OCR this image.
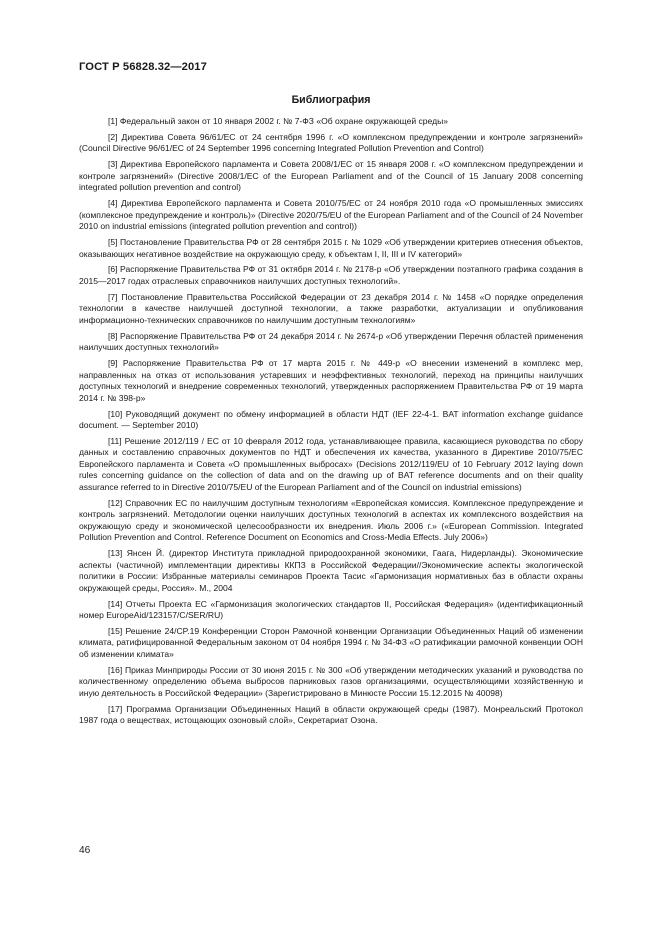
ГОСТ Р 56828.32—2017
Библиография
[1] Федеральный закон от 10 января 2002 г. № 7-ФЗ «Об охране окружающей среды»
[2] Директива Совета 96/61/ЕС от 24 сентября 1996 г. «О комплексном предупреждении и контроле загрязнений» (Council Directive 96/61/EC of 24 September 1996 concerning Integrated Pollution Prevention and Control)
[3] Директива Европейского парламента и Совета 2008/1/ЕС от 15 января 2008 г. «О комплексном предупреждении и контроле загрязнений» (Directive 2008/1/EC of the European Parliament and of the Council of 15 January 2008 concerning integrated pollution prevention and control)
[4] Директива Европейского парламента и Совета 2010/75/ЕС от 24 ноября 2010 года «О промышленных эмиссиях (комплексное предупреждение и контроль)» (Directive 2020/75/EU of the European Parliament and of the Council of 24 November 2010 on industrial emissions (integrated pollution prevention and control))
[5] Постановление Правительства РФ от 28 сентября 2015 г. № 1029 «Об утверждении критериев отнесения объектов, оказывающих негативное воздействие на окружающую среду, к объектам I, II, III и IV категорий»
[6] Распоряжение Правительства РФ от 31 октября 2014 г. № 2178-р «Об утверждении поэтапного графика создания в 2015—2017 годах отраслевых справочников наилучших доступных технологий».
[7] Постановление Правительства Российской Федерации от 23 декабря 2014 г. № 1458 «О порядке определения технологии в качестве наилучшей доступной технологии, а также разработки, актуализации и опубликования информационно-технических справочников по наилучшим доступным технологиям»
[8] Распоряжение Правительства РФ от 24 декабря 2014 г. № 2674-р «Об утверждении Перечня областей применения наилучших доступных технологий»
[9] Распоряжение Правительства РФ от 17 марта 2015 г. № 449-р «О внесении изменений в комплекс мер, направленных на отказ от использования устаревших и неэффективных технологий, переход на принципы наилучших доступных технологий и внедрение современных технологий, утвержденных распоряжением Правительства РФ от 19 марта 2014 г. № 398-р»
[10] Руководящий документ по обмену информацией в области НДТ (IEF 22-4-1. BAT information exchange guidance document. — September 2010)
[11] Решение 2012/119 / ЕС от 10 февраля 2012 года, устанавливающее правила, касающиеся руководства по сбору данных и составлению справочных документов по НДТ и обеспечения их качества, указанного в Директиве 2010/75/ЕС Европейского парламента и Совета «О промышленных выбросах» (Decisions 2012/119/EU of 10 February 2012 laying down rules concerning guidance on the collection of data and on the drawing up of BAT reference documents and on their quality assurance referred to in Directive 2010/75/EU of the European Parliament and of the Council on industrial emissions)
[12] Справочник ЕС по наилучшим доступным технологиям «Европейская комиссия. Комплексное предупреждение и контроль загрязнений. Методологии оценки наилучших доступных технологий в аспектах их комплексного воздействия на окружающую среду и экономической целесообразности их внедрения. Июль 2006 г.» («European Commission. Integrated Pollution Prevention and Control. Reference Document on Economics and Cross-Media Effects. July 2006»)
[13] Янсен Й. (директор Института прикладной природоохранной экономики, Гаага, Нидерланды). Экономические аспекты (частичной) имплементации директивы ККПЗ в Российской Федерации//Экономические аспекты экологической политики в России: Избранные материалы семинаров Проекта Тасис «Гармонизация нормативных баз в области охраны окружающей среды, Россия». М., 2004
[14] Отчеты Проекта ЕС «Гармонизация экологических стандартов II, Российская Федерация» (идентификационный номер EuropeAid/123157/C/SER/RU)
[15] Решение 24/CP.19 Конференции Сторон Рамочной конвенции Организации Объединенных Наций об изменении климата, ратифицированной Федеральным законом от 04 ноября 1994 г. № 34-ФЗ «О ратификации рамочной конвенции ООН об изменении климата»
[16] Приказ Минприроды России от 30 июня 2015 г. № 300 «Об утверждении методических указаний и руководства по количественному определению объема выбросов парниковых газов организациями, осуществляющими хозяйственную и иную деятельность в Российской Федерации» (Зарегистрировано в Минюсте России 15.12.2015 № 40098)
[17] Программа Организации Объединенных Наций в области окружающей среды (1987). Монреальский Протокол 1987 года о веществах, истощающих озоновый слой», Секретариат Озона.
46
